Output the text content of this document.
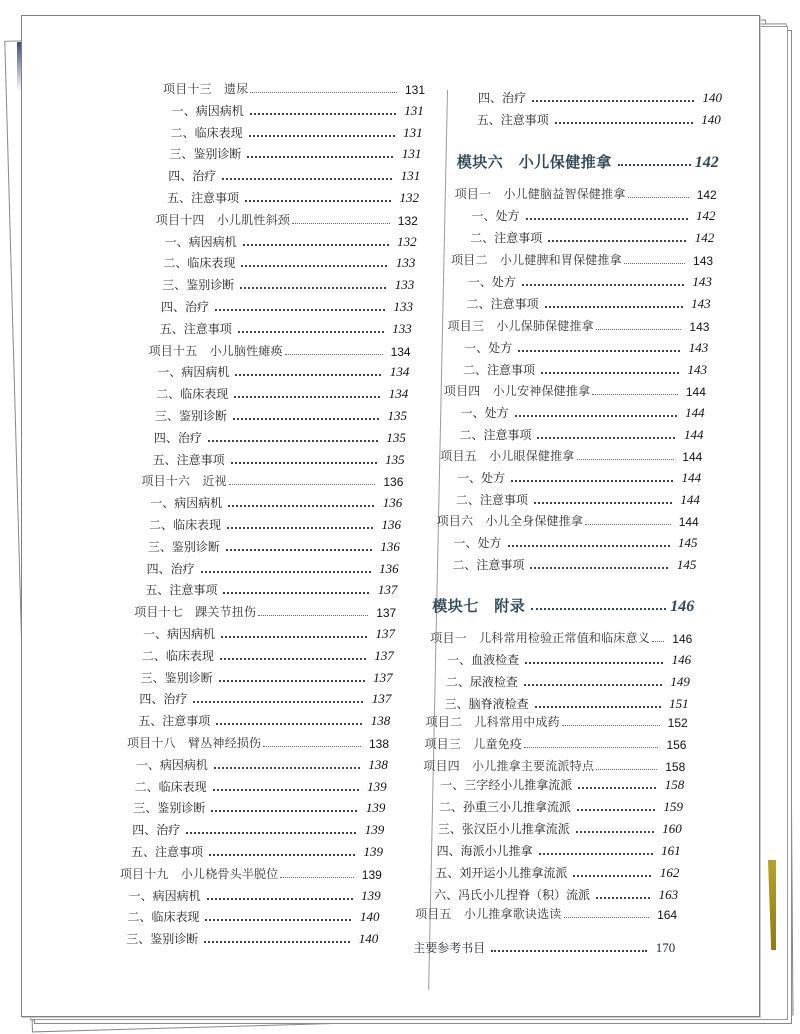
项目十三　遗尿	131
一、病因病机	131
二、临床表现	131
三、鉴别诊断	131
四、治疗	131
五、注意事项	132
项目十四　小儿肌性斜颈	132
一、病因病机	132
二、临床表现	133
三、鉴别诊断	133
四、治疗	133
五、注意事项	133
项目十五　小儿脑性瘫痪	134
一、病因病机	134
二、临床表现	134
三、鉴别诊断	135
四、治疗	135
五、注意事项	135
项目十六　近视	136
一、病因病机	136
二、临床表现	136
三、鉴别诊断	136
四、治疗	136
五、注意事项	137
项目十七　踝关节扭伤	137
一、病因病机	137
二、临床表现	137
三、鉴别诊断	137
四、治疗	137
五、注意事项	138
项目十八　臂丛神经损伤	138
一、病因病机	138
二、临床表现	139
三、鉴别诊断	139
四、治疗	139
五、注意事项	139
项目十九　小儿桡骨头半脱位	139
一、病因病机	139
二、临床表现	140
三、鉴别诊断	140
四、治疗	140
五、注意事项	140
模块六　小儿保健推拿	142
项目一　小儿健脑益智保健推拿	142
一、处方	142
二、注意事项	142
项目二　小儿健脾和胃保健推拿	143
一、处方	143
二、注意事项	143
项目三　小儿保肺保健推拿	143
一、处方	143
二、注意事项	143
项目四　小儿安神保健推拿	144
一、处方	144
二、注意事项	144
项目五　小儿眼保健推拿	144
一、处方	144
二、注意事项	144
项目六　小儿全身保健推拿	144
一、处方	145
二、注意事项	145
模块七　附录	146
项目一　儿科常用检验正常值和临床意义	146
一、血液检查	146
二、尿液检查	149
三、脑脊液检查	151
项目二　儿科常用中成药	152
项目三　儿童免疫	156
项目四　小儿推拿主要流派特点	158
一、三字经小儿推拿流派	158
二、孙重三小儿推拿流派	159
三、张汉臣小儿推拿流派	160
四、海派小儿推拿	161
五、刘开运小儿推拿流派	162
六、冯氏小儿捏脊（积）流派	163
项目五　小儿推拿歌诀选读	164
主要参考书目	170
